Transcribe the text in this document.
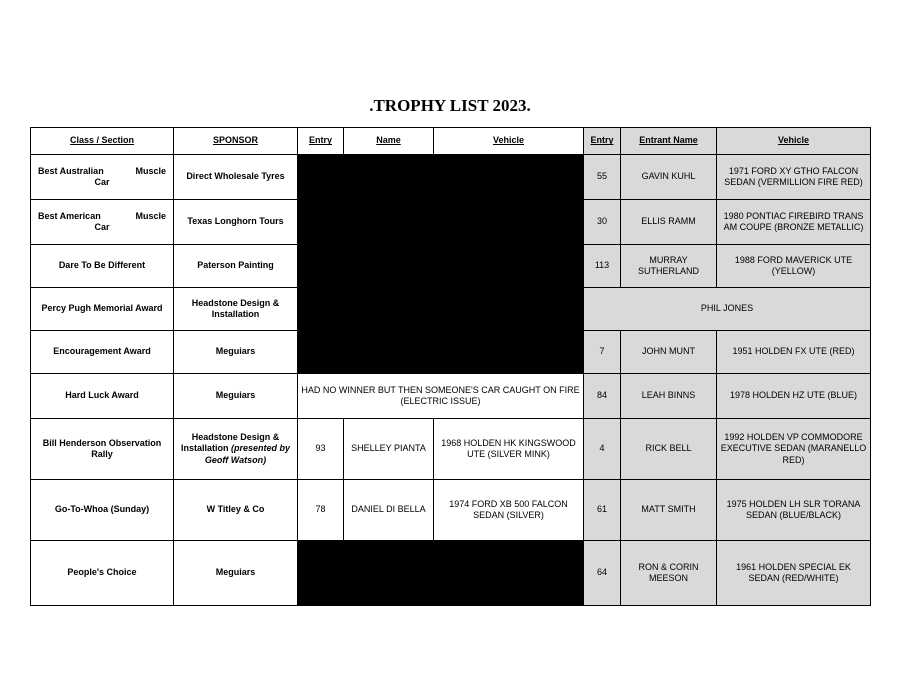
.TROPHY LIST 2023.
Class / Section	SPONSOR	Entry	Name	Vehicle	Entry	Entrant Name	Vehicle

Best Australian Muscle
Car	Direct Wholesale Tyres				55	GAVIN KUHL	1971 FORD XY GTHO FALCON SEDAN (VERMILLION FIRE RED)

Best American Muscle
Car	Texas Longhorn Tours				30	ELLIS RAMM	1980 PONTIAC FIREBIRD TRANS AM COUPE (BRONZE METALLIC)
Dare To Be Different	Paterson Painting				113	MURRAY SUTHERLAND	1988 FORD MAVERICK UTE (YELLOW)
Percy Pugh Memorial Award	Headstone Design & Installation				PHIL JONES		
Encouragement Award	Meguiars				7	JOHN MUNT	1951 HOLDEN FX UTE (RED)
Hard Luck Award	Meguiars	HAD NO WINNER BUT THEN SOMEONE'S CAR CAUGHT ON FIRE (ELECTRIC ISSUE)			84	LEAH BINNS	1978 HOLDEN HZ UTE (BLUE)
Bill Henderson Observation Rally	Headstone Design & Installation (presented by Geoff Watson)	93	SHELLEY PIANTA	1968 HOLDEN HK KINGSWOOD UTE (SILVER MINK)	4	RICK BELL	1992 HOLDEN VP COMMODORE EXECUTIVE SEDAN (MARANELLO RED)
Go-To-Whoa (Sunday)	W Titley & Co	78	DANIEL DI BELLA	1974 FORD XB 500 FALCON SEDAN (SILVER)	61	MATT SMITH	1975 HOLDEN LH SLR TORANA SEDAN (BLUE/BLACK)
People's Choice	Meguiars				64	RON & CORIN MEESON	1961 HOLDEN SPECIAL EK SEDAN (RED/WHITE)
